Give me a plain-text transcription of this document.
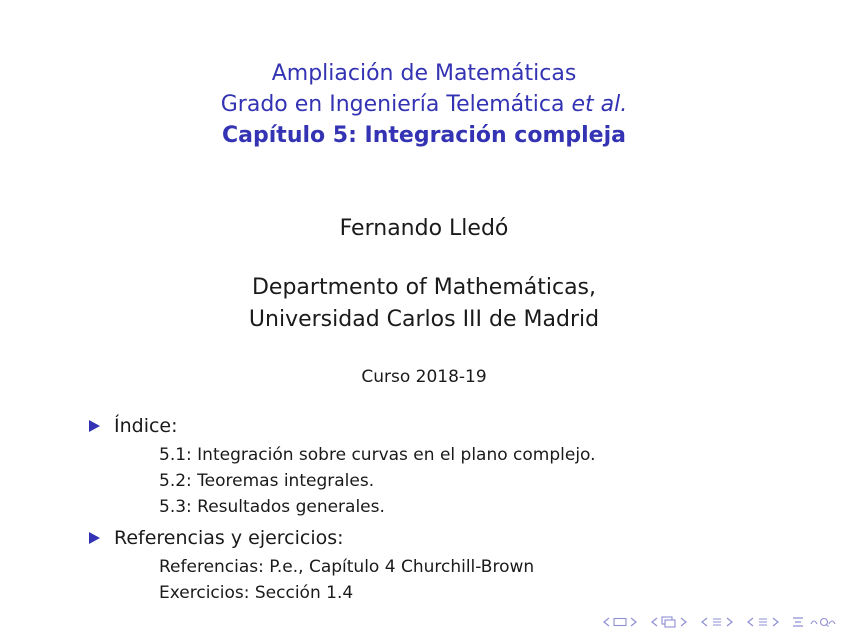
Ampliación de Matemáticas
Grado en Ingeniería Telemática et al.
Capítulo 5: Integración compleja
Fernando Lledó
Departmento of Mathemáticas,
Universidad Carlos III de Madrid
Curso 2018-19
Índice:
5.1: Integración sobre curvas en el plano complejo.
5.2: Teoremas integrales.
5.3: Resultados generales.
Referencias y ejercicios:
Referencias: P.e., Capítulo 4 Churchill-Brown
Exercicios: Sección 1.4
